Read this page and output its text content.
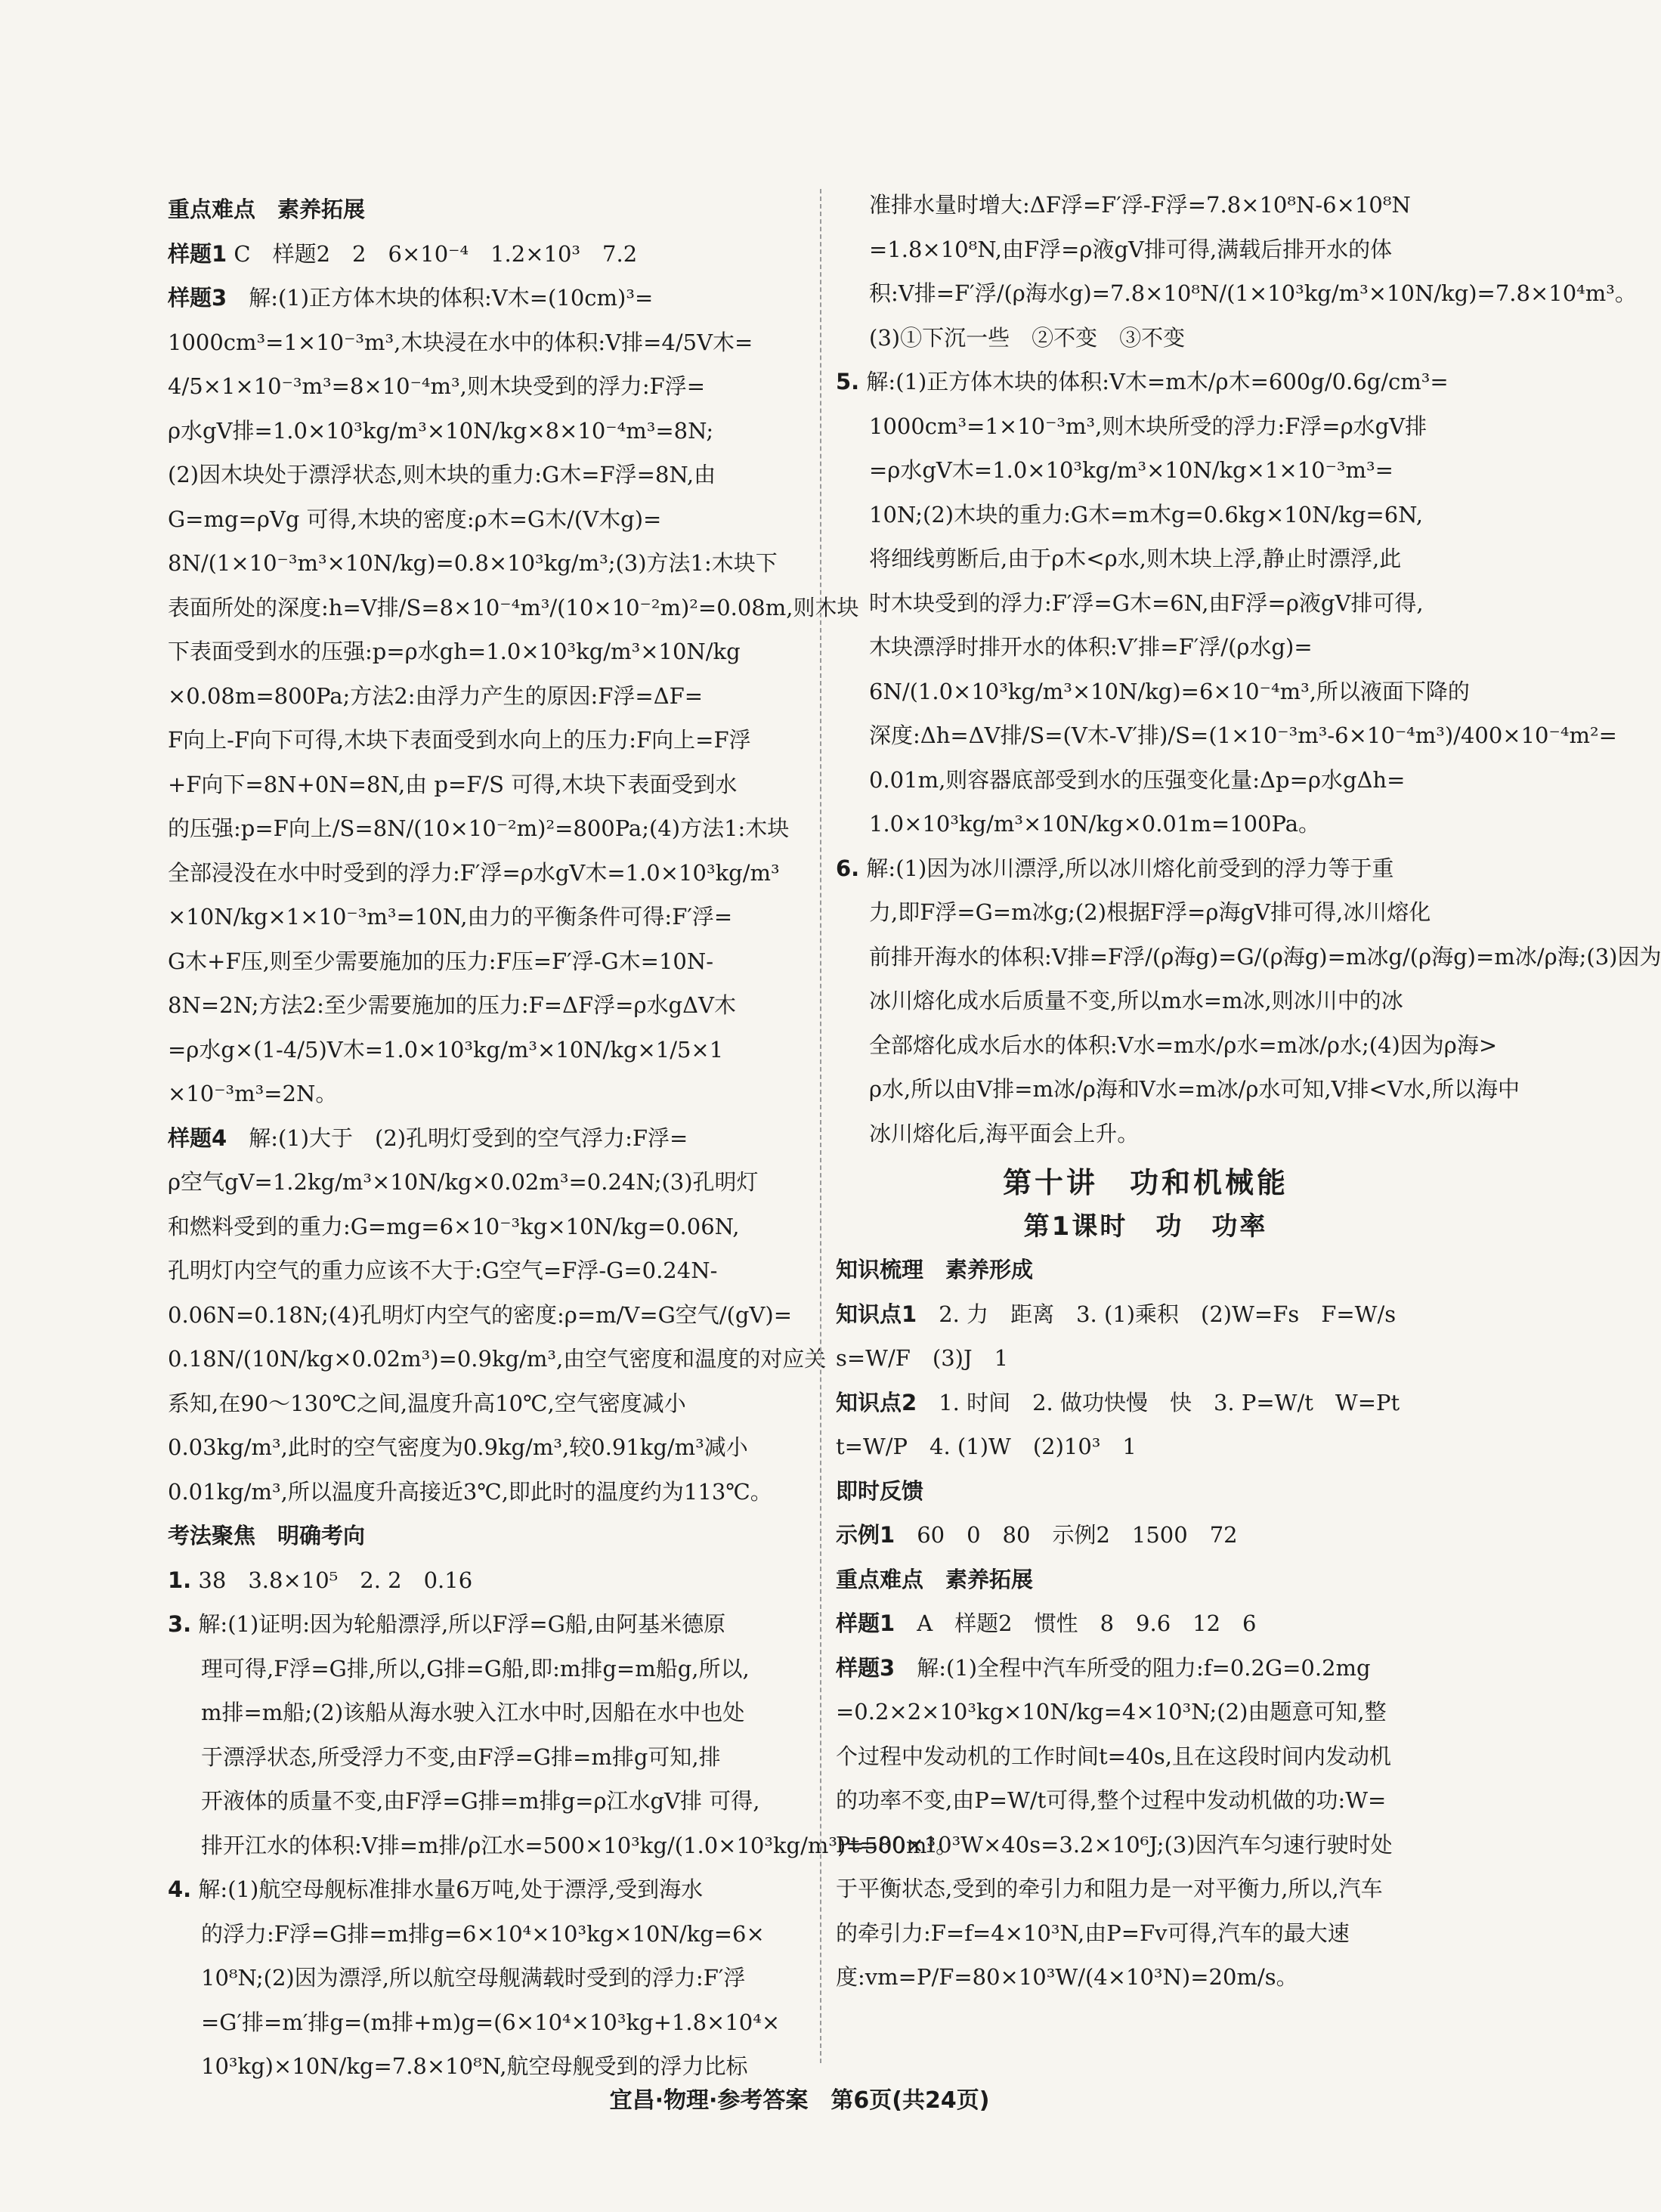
重点难点　素养拓展
样题1 C　样题2　2　6×10⁻⁴　1.2×10³　7.2
样题3　解:(1)正方体木块的体积:V木=(10cm)³=
1000cm³=1×10⁻³m³,木块浸在水中的体积:V排=4/5V木=
4/5×1×10⁻³m³=8×10⁻⁴m³,则木块受到的浮力:F浮=
ρ水gV排=1.0×10³kg/m³×10N/kg×8×10⁻⁴m³=8N;
(2)因木块处于漂浮状态,则木块的重力:G木=F浮=8N,由
G=mg=ρVg 可得,木块的密度:ρ木=G木/(V木g)=
8N/(1×10⁻³m³×10N/kg)=0.8×10³kg/m³;(3)方法1:木块下
表面所处的深度:h=V排/S=8×10⁻⁴m³/(10×10⁻²m)²=0.08m,则木块
下表面受到水的压强:p=ρ水gh=1.0×10³kg/m³×10N/kg
×0.08m=800Pa;方法2:由浮力产生的原因:F浮=ΔF=
F向上-F向下可得,木块下表面受到水向上的压力:F向上=F浮
+F向下=8N+0N=8N,由 p=F/S 可得,木块下表面受到水
的压强:p=F向上/S=8N/(10×10⁻²m)²=800Pa;(4)方法1:木块
全部浸没在水中时受到的浮力:F′浮=ρ水gV木=1.0×10³kg/m³
×10N/kg×1×10⁻³m³=10N,由力的平衡条件可得:F′浮=
G木+F压,则至少需要施加的压力:F压=F′浮-G木=10N-
8N=2N;方法2:至少需要施加的压力:F=ΔF浮=ρ水gΔV木
=ρ水g×(1-4/5)V木=1.0×10³kg/m³×10N/kg×1/5×1
×10⁻³m³=2N。
样题4　解:(1)大于　(2)孔明灯受到的空气浮力:F浮=
ρ空气gV=1.2kg/m³×10N/kg×0.02m³=0.24N;(3)孔明灯
和燃料受到的重力:G=mg=6×10⁻³kg×10N/kg=0.06N,
孔明灯内空气的重力应该不大于:G空气=F浮-G=0.24N-
0.06N=0.18N;(4)孔明灯内空气的密度:ρ=m/V=G空气/(gV)=
0.18N/(10N/kg×0.02m³)=0.9kg/m³,由空气密度和温度的对应关
系知,在90～130℃之间,温度升高10℃,空气密度减小
0.03kg/m³,此时的空气密度为0.9kg/m³,较0.91kg/m³减小
0.01kg/m³,所以温度升高接近3℃,即此时的温度约为113℃。
考法聚焦　明确考向
1. 38　3.8×10⁵　2. 2　0.16
3. 解:(1)证明:因为轮船漂浮,所以F浮=G船,由阿基米德原
理可得,F浮=G排,所以,G排=G船,即:m排g=m船g,所以,
m排=m船;(2)该船从海水驶入江水中时,因船在水中也处
于漂浮状态,所受浮力不变,由F浮=G排=m排g可知,排
开液体的质量不变,由F浮=G排=m排g=ρ江水gV排 可得,
排开江水的体积:V排=m排/ρ江水=500×10³kg/(1.0×10³kg/m³)=500m³。
4. 解:(1)航空母舰标准排水量6万吨,处于漂浮,受到海水
的浮力:F浮=G排=m排g=6×10⁴×10³kg×10N/kg=6×
10⁸N;(2)因为漂浮,所以航空母舰满载时受到的浮力:F′浮
=G′排=m′排g=(m排+m)g=(6×10⁴×10³kg+1.8×10⁴×
10³kg)×10N/kg=7.8×10⁸N,航空母舰受到的浮力比标
准排水量时增大:ΔF浮=F′浮-F浮=7.8×10⁸N-6×10⁸N
=1.8×10⁸N,由F浮=ρ液gV排可得,满载后排开水的体
积:V排=F′浮/(ρ海水g)=7.8×10⁸N/(1×10³kg/m³×10N/kg)=7.8×10⁴m³。
(3)①下沉一些　②不变　③不变
5. 解:(1)正方体木块的体积:V木=m木/ρ木=600g/0.6g/cm³=
1000cm³=1×10⁻³m³,则木块所受的浮力:F浮=ρ水gV排
=ρ水gV木=1.0×10³kg/m³×10N/kg×1×10⁻³m³=
10N;(2)木块的重力:G木=m木g=0.6kg×10N/kg=6N,
将细线剪断后,由于ρ木<ρ水,则木块上浮,静止时漂浮,此
时木块受到的浮力:F′浮=G木=6N,由F浮=ρ液gV排可得,
木块漂浮时排开水的体积:V′排=F′浮/(ρ水g)=
6N/(1.0×10³kg/m³×10N/kg)=6×10⁻⁴m³,所以液面下降的
深度:Δh=ΔV排/S=(V木-V′排)/S=(1×10⁻³m³-6×10⁻⁴m³)/400×10⁻⁴m²=
0.01m,则容器底部受到水的压强变化量:Δp=ρ水gΔh=
1.0×10³kg/m³×10N/kg×0.01m=100Pa。
6. 解:(1)因为冰川漂浮,所以冰川熔化前受到的浮力等于重
力,即F浮=G=m冰g;(2)根据F浮=ρ海gV排可得,冰川熔化
前排开海水的体积:V排=F浮/(ρ海g)=G/(ρ海g)=m冰g/(ρ海g)=m冰/ρ海;(3)因为
冰川熔化成水后质量不变,所以m水=m冰,则冰川中的冰
全部熔化成水后水的体积:V水=m水/ρ水=m冰/ρ水;(4)因为ρ海>
ρ水,所以由V排=m冰/ρ海和V水=m冰/ρ水可知,V排<V水,所以海中
冰川熔化后,海平面会上升。
第十讲　功和机械能
第1课时　功　功率
知识梳理　素养形成
知识点1　2. 力　距离　3. (1)乘积　(2)W=Fs　F=W/s
s=W/F　(3)J　1
知识点2　1. 时间　2. 做功快慢　快　3. P=W/t　W=Pt
t=W/P　4. (1)W　(2)10³　1
即时反馈
示例1　60　0　80　示例2　1500　72
重点难点　素养拓展
样题1　A　样题2　惯性　8　9.6　12　6
样题3　解:(1)全程中汽车所受的阻力:f=0.2G=0.2mg
=0.2×2×10³kg×10N/kg=4×10³N;(2)由题意可知,整
个过程中发动机的工作时间t=40s,且在这段时间内发动机
的功率不变,由P=W/t可得,整个过程中发动机做的功:W=
Pt=80×10³W×40s=3.2×10⁶J;(3)因汽车匀速行驶时处
于平衡状态,受到的牵引力和阻力是一对平衡力,所以,汽车
的牵引力:F=f=4×10³N,由P=Fv可得,汽车的最大速
度:vm=P/F=80×10³W/(4×10³N)=20m/s。
宜昌·物理·参考答案　第6页(共24页)
